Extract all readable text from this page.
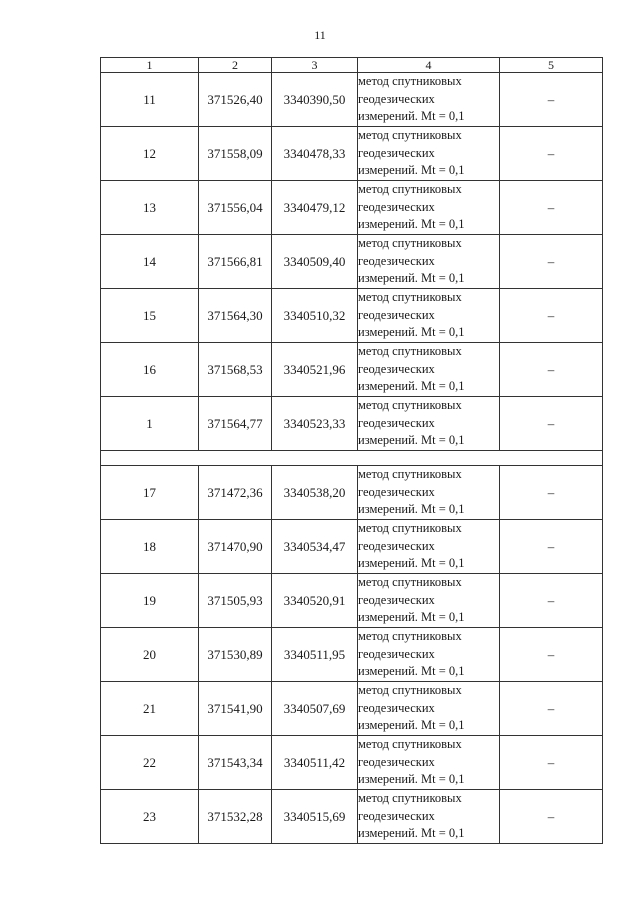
11
1	2	3	4	5
11	371526,40	3340390,50	метод спутниковых
геодезических
измерений. Mt = 0,1	–
12	371558,09	3340478,33	метод спутниковых
геодезических
измерений. Mt = 0,1	–
13	371556,04	3340479,12	метод спутниковых
геодезических
измерений. Mt = 0,1	–
14	371566,81	3340509,40	метод спутниковых
геодезических
измерений. Mt = 0,1	–
15	371564,30	3340510,32	метод спутниковых
геодезических
измерений. Mt = 0,1	–
16	371568,53	3340521,96	метод спутниковых
геодезических
измерений. Mt = 0,1	–
1	371564,77	3340523,33	метод спутниковых
геодезических
измерений. Mt = 0,1	–

17	371472,36	3340538,20	метод спутниковых
геодезических
измерений. Mt = 0,1	–
18	371470,90	3340534,47	метод спутниковых
геодезических
измерений. Mt = 0,1	–
19	371505,93	3340520,91	метод спутниковых
геодезических
измерений. Mt = 0,1	–
20	371530,89	3340511,95	метод спутниковых
геодезических
измерений. Mt = 0,1	–
21	371541,90	3340507,69	метод спутниковых
геодезических
измерений. Mt = 0,1	–
22	371543,34	3340511,42	метод спутниковых
геодезических
измерений. Mt = 0,1	–
23	371532,28	3340515,69	метод спутниковых
геодезических
измерений. Mt = 0,1	–
